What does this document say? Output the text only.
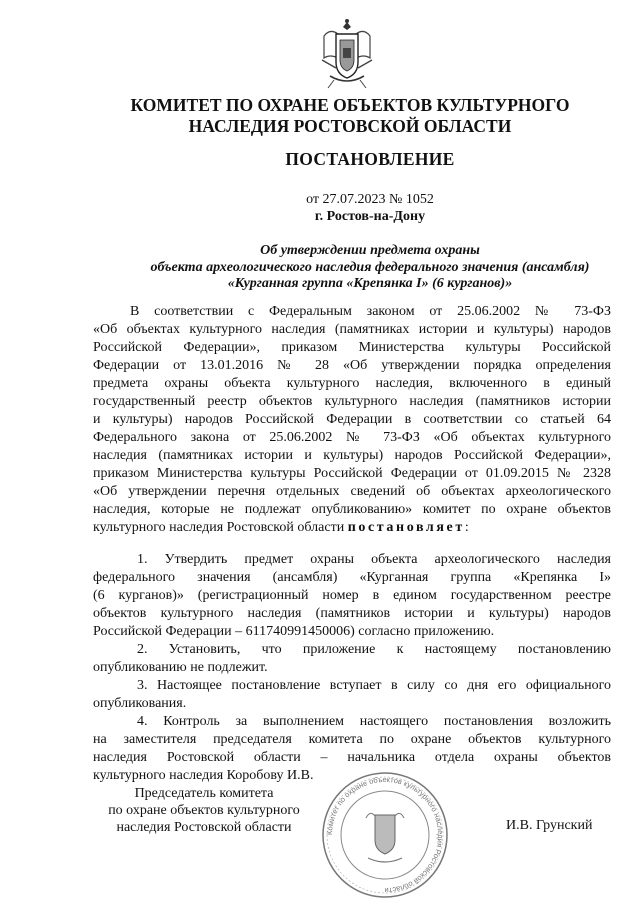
КОМИТЕТ ПО ОХРАНЕ ОБЪЕКТОВ КУЛЬТУРНОГО
НАСЛЕДИЯ РОСТОВСКОЙ ОБЛАСТИ
ПОСТАНОВЛЕНИЕ
от 27.07.2023 № 1052
г. Ростов-на-Дону
Об утверждении предмета охраны
объекта археологического наследия федерального значения (ансамбля)
«Курганная группа «Крепянка I» (6 курганов)»
В соответствии с Федеральным законом от 25.06.2002 № 73-ФЗ
«Об объектах культурного наследия (памятниках истории и культуры) народов
Российской Федерации», приказом Министерства культуры Российской
Федерации от 13.01.2016 № 28 «Об утверждении порядка определения
предмета охраны объекта культурного наследия, включенного в единый
государственный реестр объектов культурного наследия (памятников истории
и культуры) народов Российской Федерации в соответствии со статьей 64
Федерального закона от 25.06.2002 № 73-ФЗ «Об объектах культурного
наследия (памятниках истории и культуры) народов Российской Федерации»,
приказом Министерства культуры Российской Федерации от 01.09.2015 № 2328
«Об утверждении перечня отдельных сведений об объектах археологического
наследия, которые не подлежат опубликованию» комитет по охране объектов
культурного наследия Ростовской области постановляет:
1. Утвердить предмет охраны объекта археологического наследия
федерального значения (ансамбля) «Курганная группа «Крепянка I»
(6 курганов)» (регистрационный номер в едином государственном реестре
объектов культурного наследия (памятников истории и культуры) народов
Российской Федерации – 611740991450006) согласно приложению.
2. Установить, что приложение к настоящему постановлению
опубликованию не подлежит.
3. Настоящее постановление вступает в силу со дня его официального
опубликования.
4. Контроль за выполнением настоящего постановления возложить
на заместителя председателя комитета по охране объектов культурного
наследия Ростовской области – начальника отдела охраны объектов
культурного наследия Коробову И.В.
Комитет по охране объектов культурного наследия Ростовской области
Председатель комитета
по охране объектов культурного
наследия Ростовской области	И.В. Грунский
